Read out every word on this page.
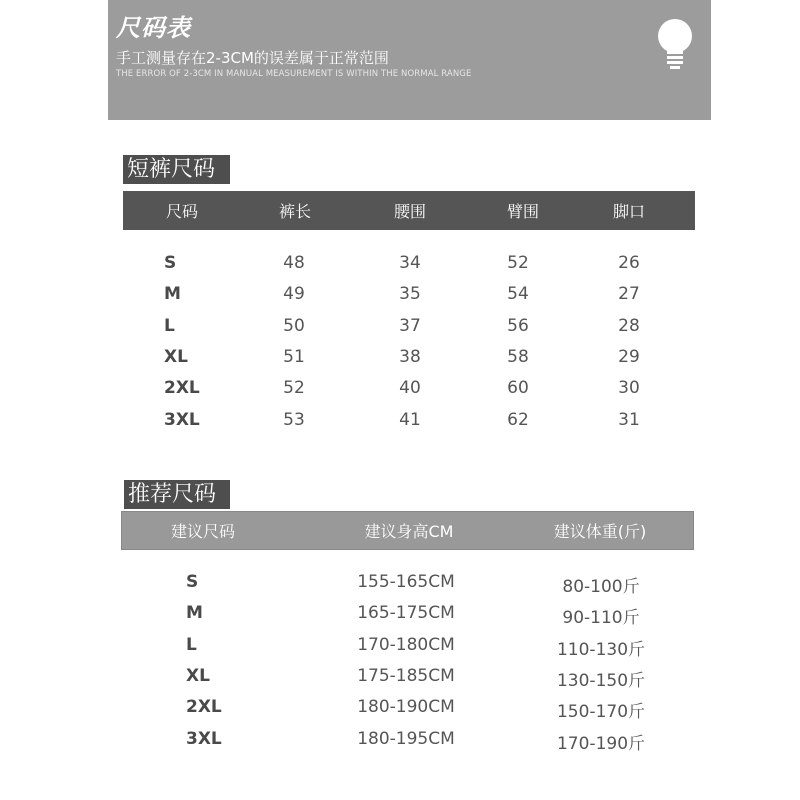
尺码表
手工测量存在2-3CM的误差属于正常范围
THE ERROR OF 2-3CM IN MANUAL MEASUREMENT IS WITHIN THE NORMAL RANGE
短裤尺码
尺码	裤长	腰围	臂围	脚口
S	48	34	52	26
M	49	35	54	27
L	50	37	56	28
XL	51	38	58	29
2XL	52	40	60	30
3XL	53	41	62	31
推荐尺码
建议尺码	建议身高CM	建议体重(斤)
S	155-165CM	80-100斤
M	165-175CM	90-110斤
L	170-180CM	110-130斤
XL	175-185CM	130-150斤
2XL	180-190CM	150-170斤
3XL	180-195CM	170-190斤
